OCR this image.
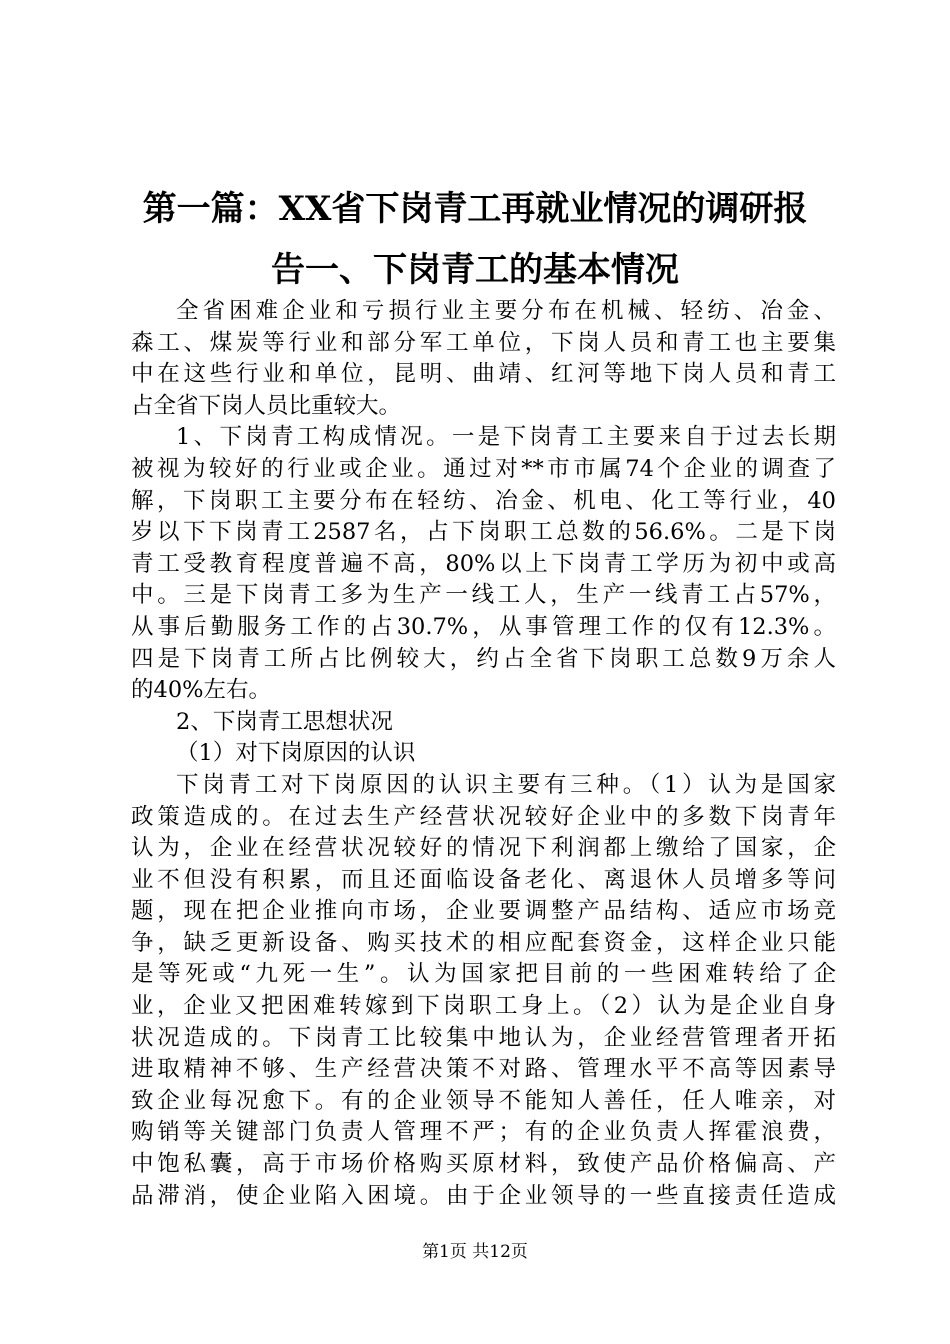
第一篇：XX省下岗青工再就业情况的调研报
告一、下岗青工的基本情况
全省困难企业和亏损行业主要分布在机械、轻纺、冶金、
森工、煤炭等行业和部分军工单位，下岗人员和青工也主要集
中在这些行业和单位，昆明、曲靖、红河等地下岗人员和青工
占全省下岗人员比重较大。
1、下岗青工构成情况。一是下岗青工主要来自于过去长期
被视为较好的行业或企业。通过对**市市属74个企业的调查了
解，下岗职工主要分布在轻纺、冶金、机电、化工等行业，40
岁以下下岗青工2587名，占下岗职工总数的56.6%。二是下岗
青工受教育程度普遍不高，80%以上下岗青工学历为初中或高
中。三是下岗青工多为生产一线工人，生产一线青工占57%，
从事后勤服务工作的占30.7%，从事管理工作的仅有12.3%。
四是下岗青工所占比例较大，约占全省下岗职工总数9万余人
的40%左右。
2、下岗青工思想状况
（1）对下岗原因的认识
下岗青工对下岗原因的认识主要有三种。（1）认为是国家
政策造成的。在过去生产经营状况较好企业中的多数下岗青年
认为，企业在经营状况较好的情况下利润都上缴给了国家，企
业不但没有积累，而且还面临设备老化、离退休人员增多等问
题，现在把企业推向市场，企业要调整产品结构、适应市场竞
争，缺乏更新设备、购买技术的相应配套资金，这样企业只能
是等死或“九死一生”。认为国家把目前的一些困难转给了企
业，企业又把困难转嫁到下岗职工身上。（2）认为是企业自身
状况造成的。下岗青工比较集中地认为，企业经营管理者开拓
进取精神不够、生产经营决策不对路、管理水平不高等因素导
致企业每况愈下。有的企业领导不能知人善任，任人唯亲，对
购销等关键部门负责人管理不严；有的企业负责人挥霍浪费，
中饱私囊，高于市场价格购买原材料，致使产品价格偏高、产
品滞消，使企业陷入困境。由于企业领导的一些直接责任造成
第1页 共12页
